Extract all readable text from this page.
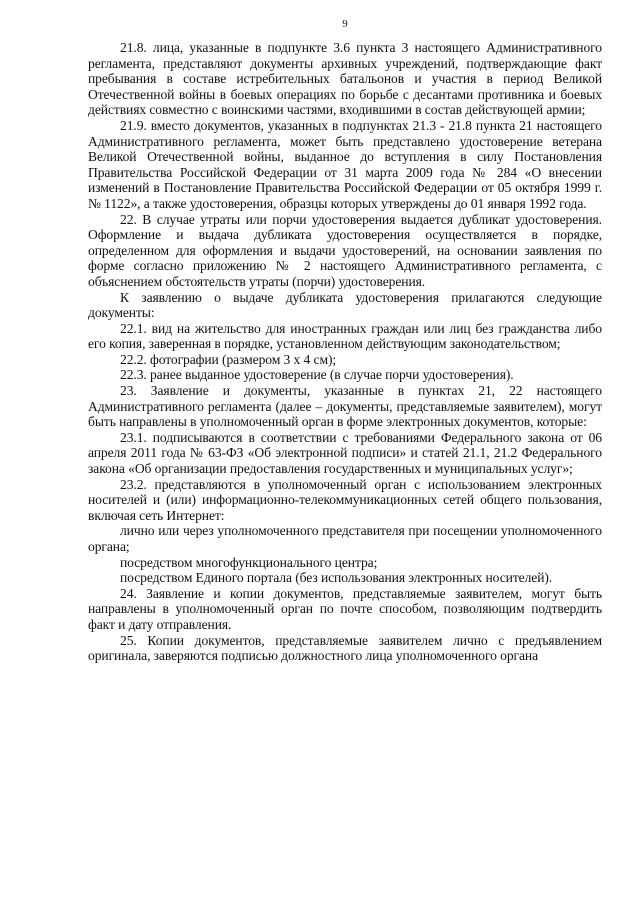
9

21.8. лица, указанные в подпункте 3.6 пункта 3 настоящего Административного регламента, представляют документы архивных учреждений, подтверждающие факт пребывания в составе истребительных батальонов и участия в период Великой Отечественной войны в боевых операциях по борьбе с десантами противника и боевых действиях совместно с воинскими частями, входившими в состав действующей армии;

21.9. вместо документов, указанных в подпунктах 21.3 - 21.8 пункта 21 настоящего Административного регламента, может быть представлено удостоверение ветерана Великой Отечественной войны, выданное до вступления в силу Постановления Правительства Российской Федерации от 31 марта 2009 года № 284 «О внесении изменений в Постановление Правительства Российской Федерации от 05 октября 1999 г. № 1122», а также удостоверения, образцы которых утверждены до 01 января 1992 года.

22. В случае утраты или порчи удостоверения выдается дубликат удостоверения. Оформление и выдача дубликата удостоверения осуществляется в порядке, определенном для оформления и выдачи удостоверений, на основании заявления по форме согласно приложению № 2 настоящего Административного регламента, с объяснением обстоятельств утраты (порчи) удостоверения.

К заявлению о выдаче дубликата удостоверения прилагаются следующие документы:

22.1. вид на жительство для иностранных граждан или лиц без гражданства либо его копия, заверенная в порядке, установленном действующим законодательством;

22.2. фотографии (размером 3 х 4 см);

22.3. ранее выданное удостоверение (в случае порчи удостоверения).

23. Заявление и документы, указанные в пунктах 21, 22 настоящего Административного регламента (далее – документы, представляемые заявителем), могут быть направлены в уполномоченный орган в форме электронных документов, которые:

23.1. подписываются в соответствии с требованиями Федерального закона от 06 апреля 2011 года № 63-ФЗ «Об электронной подписи» и статей 21.1, 21.2 Федерального закона «Об организации предоставления государственных и муниципальных услуг»;

23.2. представляются в уполномоченный орган с использованием электронных носителей и (или) информационно-телекоммуникационных сетей общего пользования, включая сеть Интернет:

лично или через уполномоченного представителя при посещении уполномоченного органа;

посредством многофункционального центра;

посредством Единого портала (без использования электронных носителей).

24. Заявление и копии документов, представляемые заявителем, могут быть направлены в уполномоченный орган по почте способом, позволяющим подтвердить факт и дату отправления.

25. Копии документов, представляемые заявителем лично с предъявлением оригинала, заверяются подписью должностного лица уполномоченного органа
